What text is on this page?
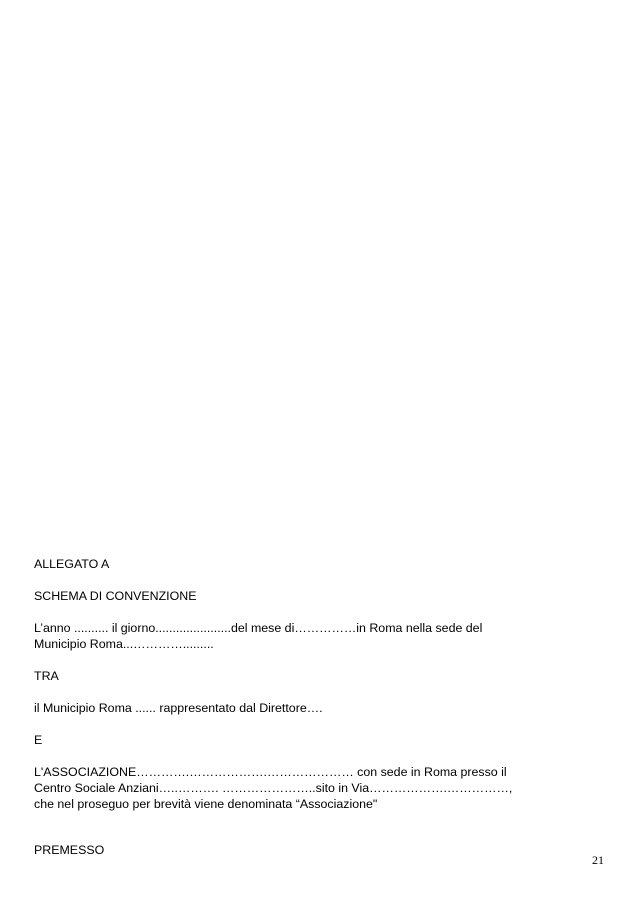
ALLEGATO A

SCHEMA DI CONVENZIONE

L’anno .......... il giorno......................del mese di……………in Roma nella sede del

Municipio Roma...………….........

TRA

il Municipio Roma ...... rappresentato dal Direttore….

E

L'ASSOCIAZIONE………….……………….………………… con sede in Roma presso il

Centro Sociale Anziani…..………. …………………..sito in Via……………….……………,

che nel proseguo per brevità viene denominata “Associazione"

PREMESSO

21
